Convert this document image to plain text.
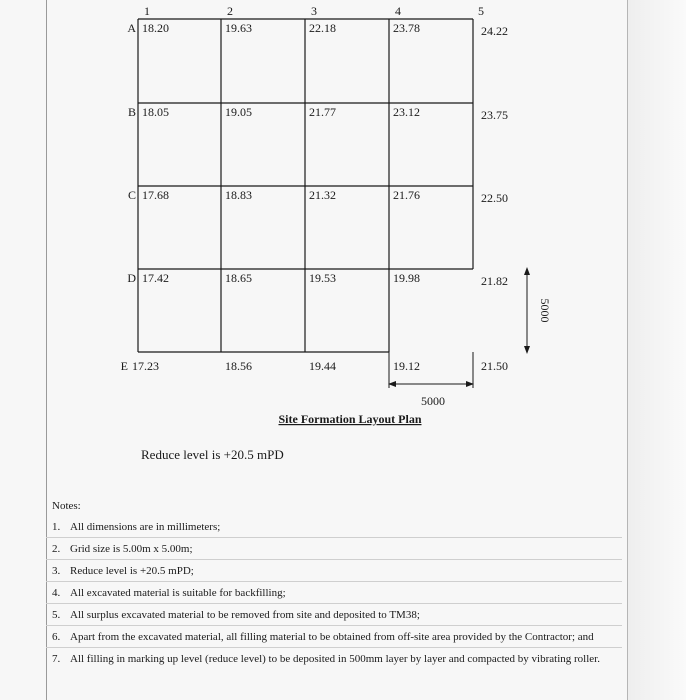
1	2	3	4	5
A 18.20	19.63	22.18	23.78	24.22
B 18.05	19.05	21.77	23.12	23.75
C 17.68	18.83	21.32	21.76	22.50
D 17.42	18.65	19.53	19.98	21.82
E 17.23	18.56	19.44	19.12	21.50
5000
5000
Site Formation Layout Plan
Reduce level is +20.5 mPD
Notes:
1. All dimensions are in millimeters;
2. Grid size is 5.00m x 5.00m;
3. Reduce level is +20.5 mPD;
4. All excavated material is suitable for backfilling;
5. All surplus excavated material to be removed from site and deposited to TM38;
6. Apart from the excavated material, all filling material to be obtained from off-site area provided by the Contractor; and
7. All filling in marking up level (reduce level) to be deposited in 500mm layer by layer and compacted by vibrating roller.
